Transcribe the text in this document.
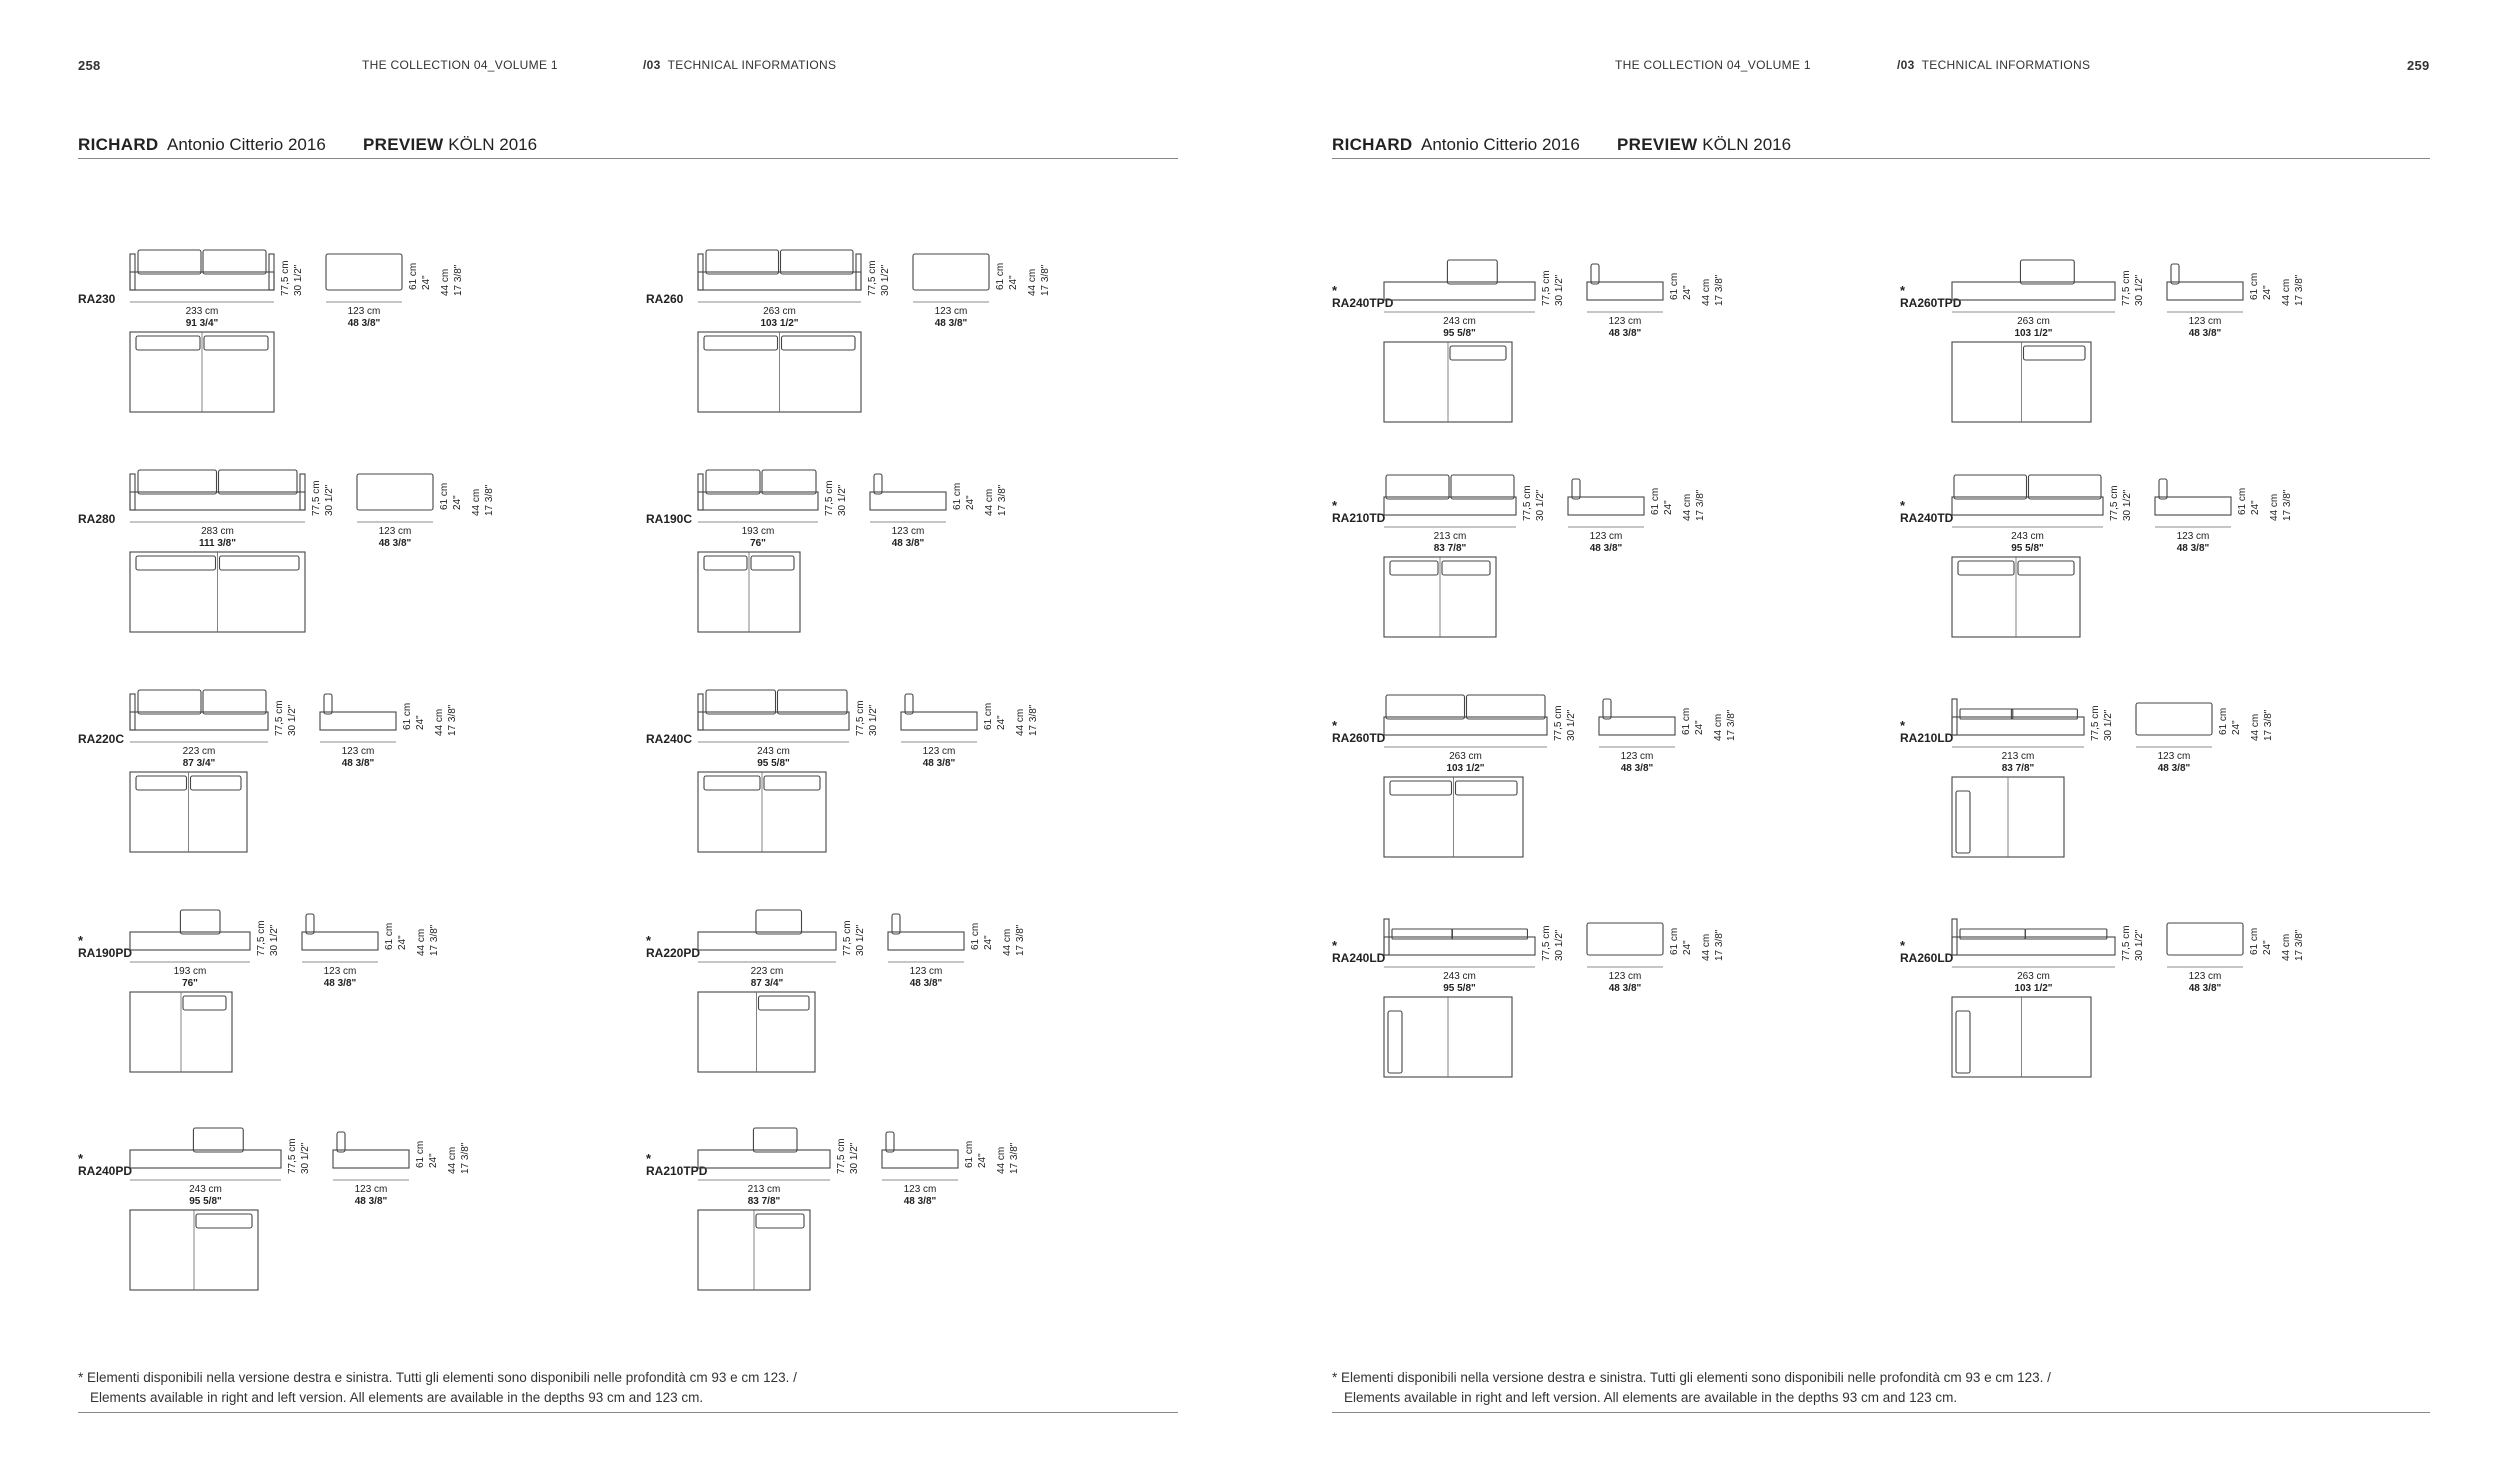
258	THE COLLECTION 04_VOLUME 1	/03 TECHNICAL INFORMATIONS
RICHARD Antonio Citterio 2016 PREVIEW KÖLN 2016
RA230
233 cm
91 3/4"
123 cm
48 3/8"
77,5 cm 30 1/2"	61 cm 24" 44 cm 17 3/8"
RA260
263 cm
103 1/2"
123 cm
48 3/8"
77,5 cm 30 1/2"	61 cm 24" 44 cm 17 3/8"
RA280
283 cm
111 3/8"
123 cm
48 3/8"
77,5 cm 30 1/2"	61 cm 24" 44 cm 17 3/8"
RA190C
193 cm
76"
123 cm
48 3/8"
77,5 cm 30 1/2"	61 cm 24" 44 cm 17 3/8"
RA220C
223 cm
87 3/4"
123 cm
48 3/8"
77,5 cm 30 1/2"	61 cm 24" 44 cm 17 3/8"
RA240C
243 cm
95 5/8"
123 cm
48 3/8"
77,5 cm 30 1/2"	61 cm 24" 44 cm 17 3/8"
*
RA190PD
193 cm
76"
123 cm
48 3/8"
77,5 cm 30 1/2"	61 cm 24" 44 cm 17 3/8"	*
RA220PD
223 cm
87 3/4"
123 cm
48 3/8"
77,5 cm 30 1/2"	61 cm 24" 44 cm 17 3/8"
*
RA240PD
243 cm
95 5/8"
123 cm
48 3/8"
77,5 cm 30 1/2"	61 cm 24" 44 cm 17 3/8"	*
RA210TPD
213 cm
83 7/8"
123 cm
48 3/8"
77,5 cm 30 1/2"	61 cm 24" 44 cm 17 3/8"
* Elementi disponibili nella versione destra e sinistra. Tutti gli elementi sono disponibili nelle profondità cm 93 e cm 123. /
Elements available in right and left version. All elements are available in the depths 93 cm and 123 cm.
THE COLLECTION 04_VOLUME 1	/03 TECHNICAL INFORMATIONS	259
RICHARD Antonio Citterio 2016 PREVIEW KÖLN 2016
*
RA240TPD
243 cm
95 5/8"
123 cm
48 3/8"
77,5 cm 30 1/2"	61 cm 24" 44 cm 17 3/8"	*
RA260TPD
263 cm
103 1/2"
123 cm
48 3/8"
77,5 cm 30 1/2"	61 cm 24" 44 cm 17 3/8"
*
RA210TD
213 cm
83 7/8"
123 cm
48 3/8"
77,5 cm 30 1/2"	61 cm 24" 44 cm 17 3/8"	*
RA240TD
243 cm
95 5/8"
123 cm
48 3/8"
77,5 cm 30 1/2"	61 cm 24" 44 cm 17 3/8"
*
RA260TD
263 cm
103 1/2"
123 cm
48 3/8"
77,5 cm 30 1/2"	61 cm 24" 44 cm 17 3/8"	*
RA210LD
213 cm
83 7/8"
123 cm
48 3/8"
77,5 cm 30 1/2"	61 cm 24" 44 cm 17 3/8"
*
RA240LD
243 cm
95 5/8"
123 cm
48 3/8"
77,5 cm 30 1/2"	61 cm 24" 44 cm 17 3/8"	*
RA260LD
263 cm
103 1/2"
123 cm
48 3/8"
77,5 cm 30 1/2"	61 cm 24" 44 cm 17 3/8"
* Elementi disponibili nella versione destra e sinistra. Tutti gli elementi sono disponibili nelle profondità cm 93 e cm 123. /
Elements available in right and left version. All elements are available in the depths 93 cm and 123 cm.
